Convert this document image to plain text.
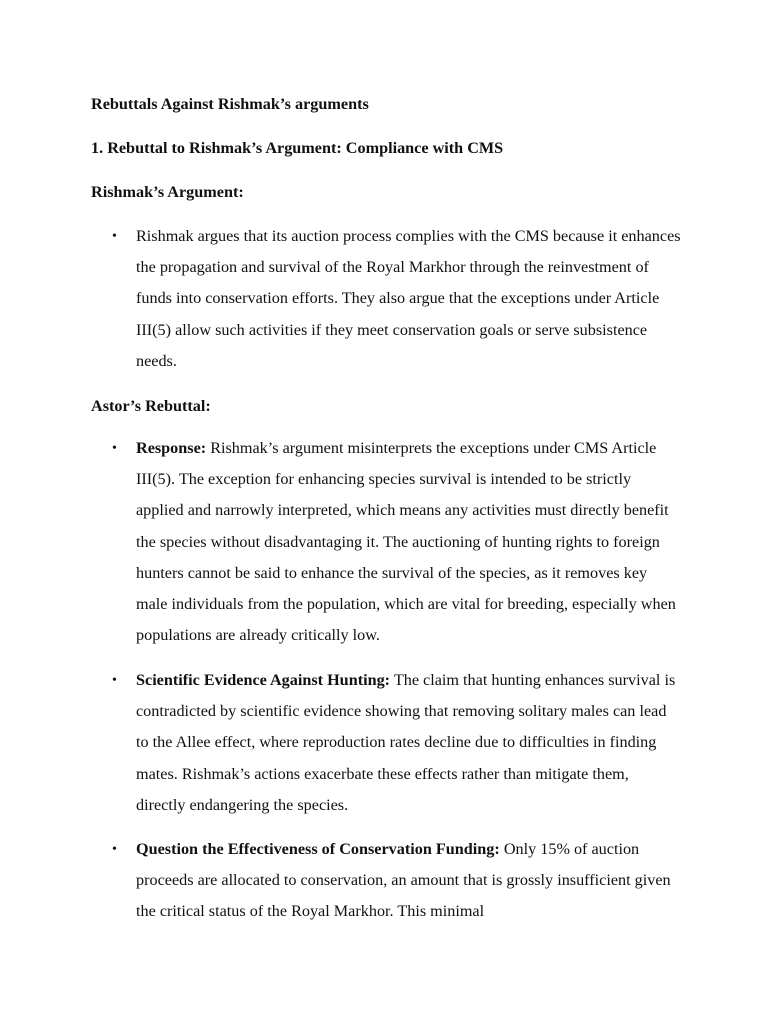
Rebuttals Against Rishmak’s arguments
1. Rebuttal to Rishmak’s Argument: Compliance with CMS
Rishmak’s Argument:
• Rishmak argues that its auction process complies with the CMS because it enhances the propagation and survival of the Royal Markhor through the reinvestment of funds into conservation efforts. They also argue that the exceptions under Article III(5) allow such activities if they meet conservation goals or serve subsistence needs.
Astor’s Rebuttal:
• Response: Rishmak’s argument misinterprets the exceptions under CMS Article III(5). The exception for enhancing species survival is intended to be strictly applied and narrowly interpreted, which means any activities must directly benefit the species without disadvantaging it. The auctioning of hunting rights to foreign hunters cannot be said to enhance the survival of the species, as it removes key male individuals from the population, which are vital for breeding, especially when populations are already critically low.
• Scientific Evidence Against Hunting: The claim that hunting enhances survival is contradicted by scientific evidence showing that removing solitary males can lead to the Allee effect, where reproduction rates decline due to difficulties in finding mates. Rishmak’s actions exacerbate these effects rather than mitigate them, directly endangering the species.
• Question the Effectiveness of Conservation Funding: Only 15% of auction proceeds are allocated to conservation, an amount that is grossly insufficient given the critical status of the Royal Markhor. This minimal
